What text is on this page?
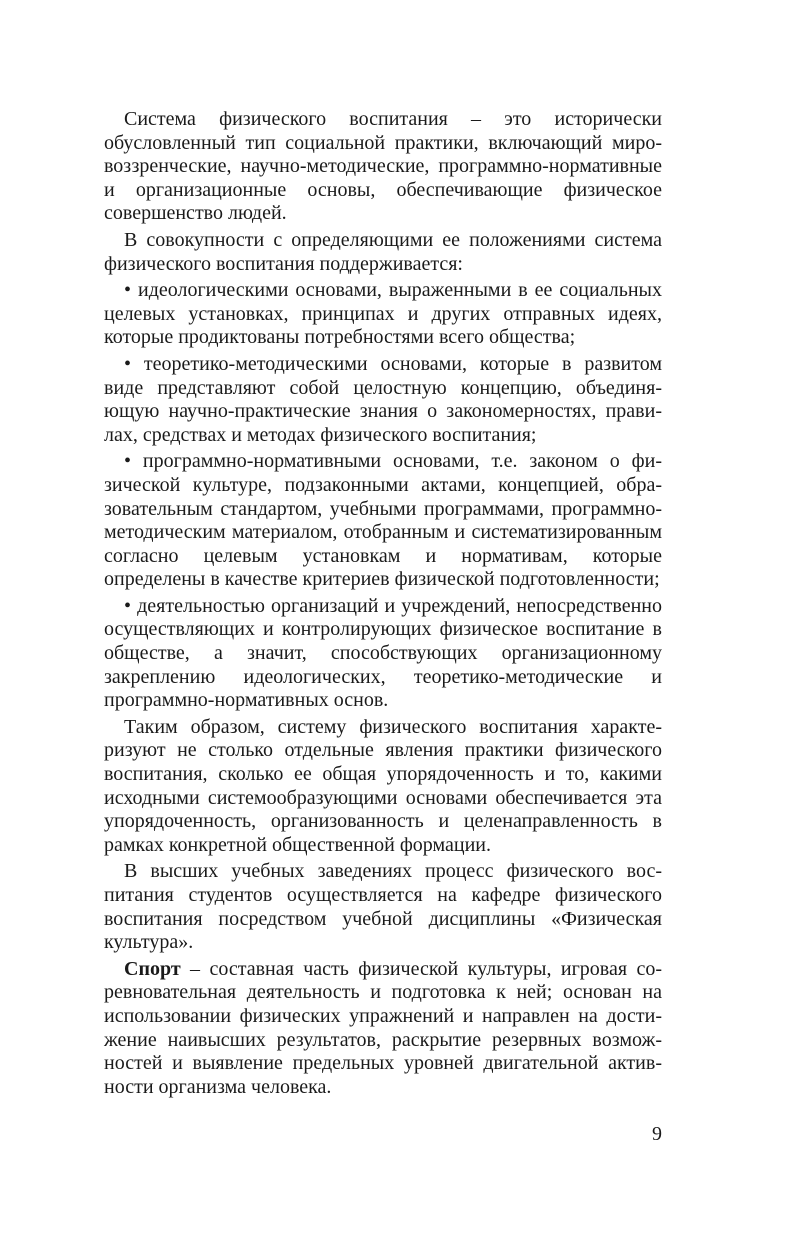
Система физического воспитания – это исторически обусловленный тип социальной практики, включающий мировоззренческие, научно-методические, программно-нормативные и организационные основы, обеспечивающие физическое совершенство людей.

В совокупности с определяющими ее положениями система физического воспитания поддерживается:

• идеологическими основами, выраженными в ее социальных целевых установках, принципах и других отправных идеях, которые продиктованы потребностями всего общества;

• теоретико-методическими основами, которые в развитом виде представляют собой целостную концепцию, объединяющую научно-практические знания о закономерностях, правилах, средствах и методах физического воспитания;

• программно-нормативными основами, т.е. законом о физической культуре, подзаконными актами, концепцией, образовательным стандартом, учебными программами, программно-методическим материалом, отобранным и систематизированным согласно целевым установкам и нормативам, которые определены в качестве критериев физической подготовленности;

• деятельностью организаций и учреждений, непосредственно осуществляющих и контролирующих физическое воспитание в обществе, а значит, способствующих организационному закреплению идеологических, теоретико-методические и программно-нормативных основ.

Таким образом, систему физического воспитания характеризуют не столько отдельные явления практики физического воспитания, сколько ее общая упорядоченность и то, какими исходными системообразующими основами обеспечивается эта упорядоченность, организованность и целенаправленность в рамках конкретной общественной формации.

В высших учебных заведениях процесс физического воспитания студентов осуществляется на кафедре физического воспитания посредством учебной дисциплины «Физическая культура».

Спорт – составная часть физической культуры, игровая соревновательная деятельность и подготовка к ней; основан на использовании физических упражнений и направлен на достижение наивысших результатов, раскрытие резервных возможностей и выявление предельных уровней двигательной активности организма человека.

9
